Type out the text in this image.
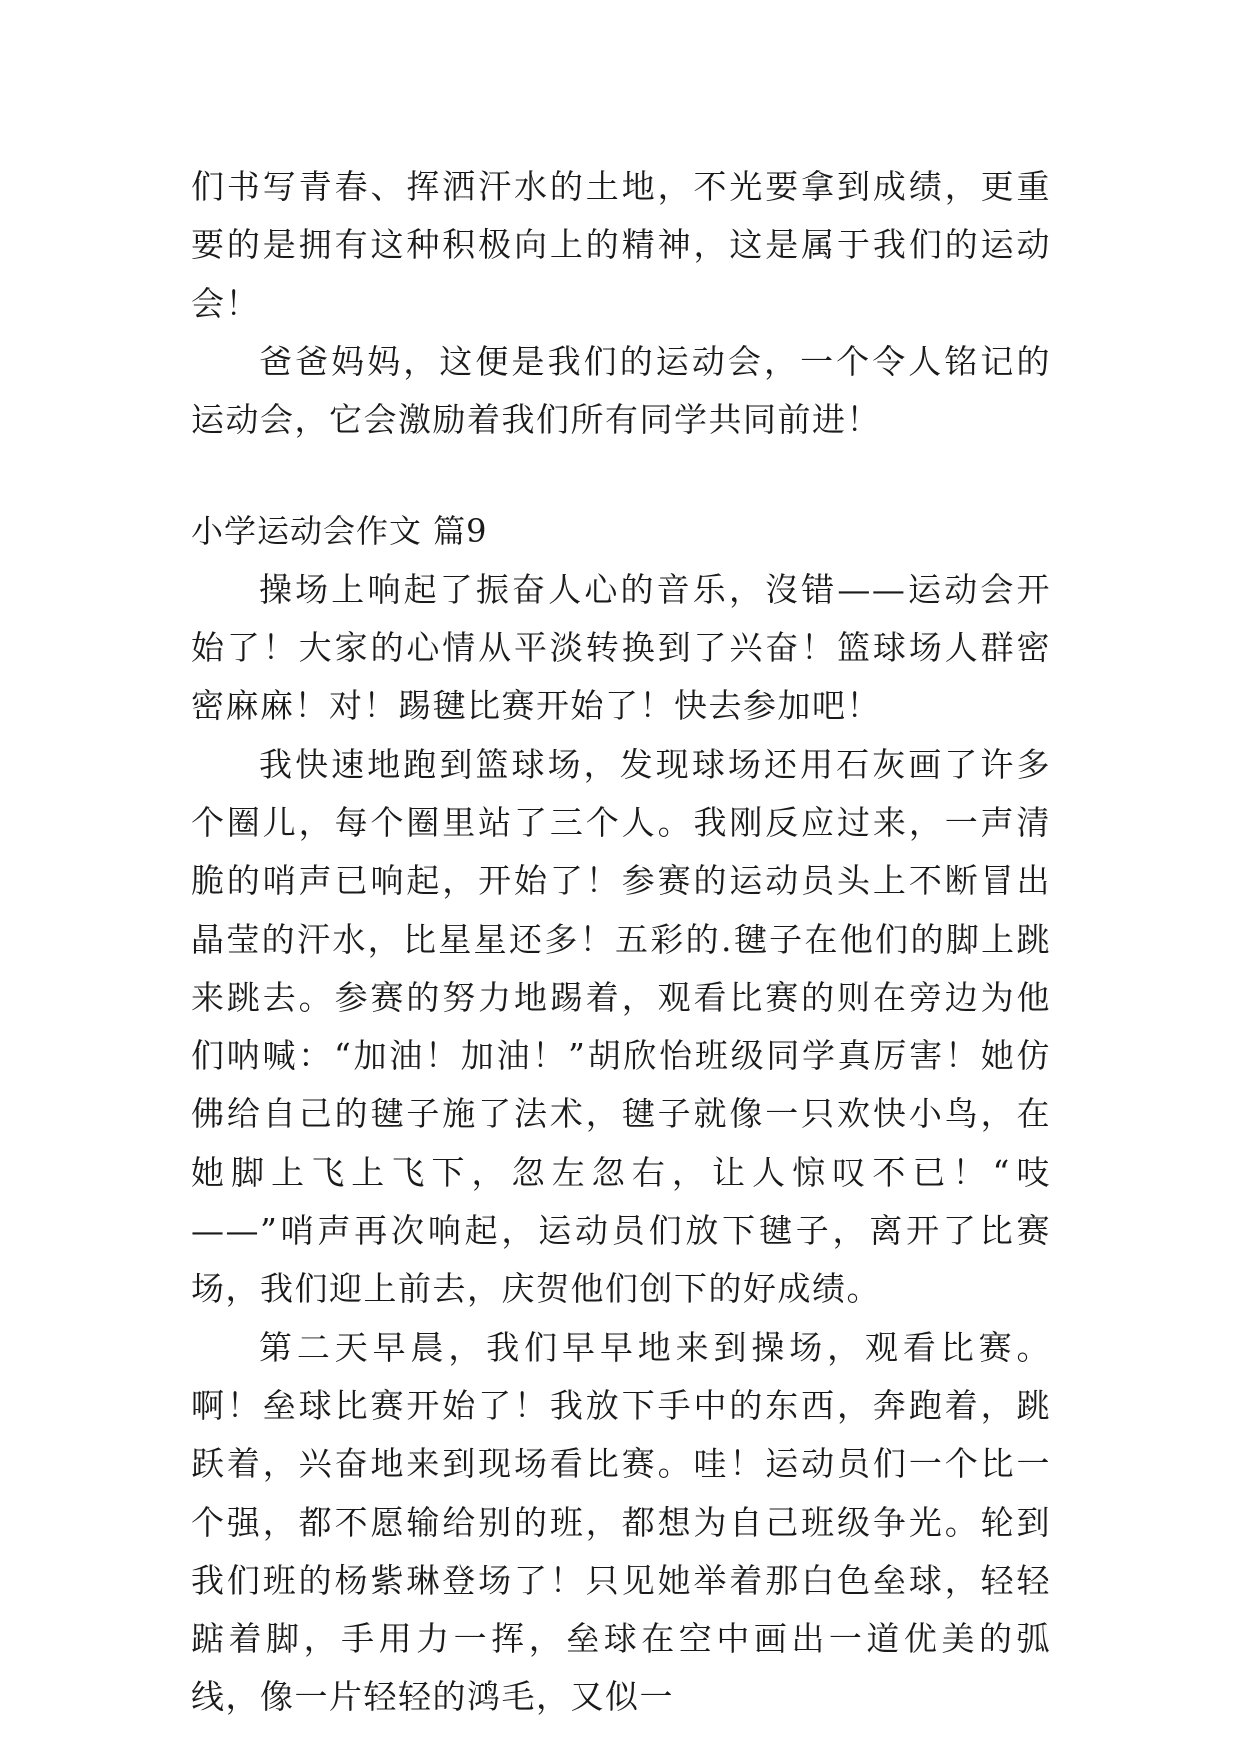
们书写青春、挥洒汗水的土地，不光要拿到成绩，更重要的是拥有这种积极向上的精神，这是属于我们的运动会！

爸爸妈妈，这便是我们的运动会，一个令人铭记的运动会，它会激励着我们所有同学共同前进！

小学运动会作文 篇9

操场上响起了振奋人心的音乐，沒错——运动会开始了！大家的心情从平淡转换到了兴奋！篮球场人群密密麻麻！对！踢毽比赛开始了！快去参加吧！

我快速地跑到篮球场，发现球场还用石灰画了许多个圈儿，每个圈里站了三个人。我刚反应过来，一声清脆的哨声已响起，开始了！参赛的运动员头上不断冒出晶莹的汗水，比星星还多！五彩的.毽子在他们的脚上跳来跳去。参赛的努力地踢着，观看比赛的则在旁边为他们呐喊：“加油！加油！”胡欣怡班级同学真厉害！她仿佛给自己的毽子施了法术，毽子就像一只欢快小鸟，在她脚上飞上飞下，忽左忽右，让人惊叹不已！“吱——”哨声再次响起，运动员们放下毽子，离开了比赛场，我们迎上前去，庆贺他们创下的好成绩。

第二天早晨，我们早早地来到操场，观看比赛。啊！垒球比赛开始了！我放下手中的东西，奔跑着，跳跃着，兴奋地来到现场看比赛。哇！运动员们一个比一个强，都不愿输给别的班，都想为自己班级争光。轮到我们班的杨紫琳登场了！只见她举着那白色垒球，轻轻踮着脚，手用力一挥，垒球在空中画出一道优美的弧线，像一片轻轻的鸿毛，又似一
